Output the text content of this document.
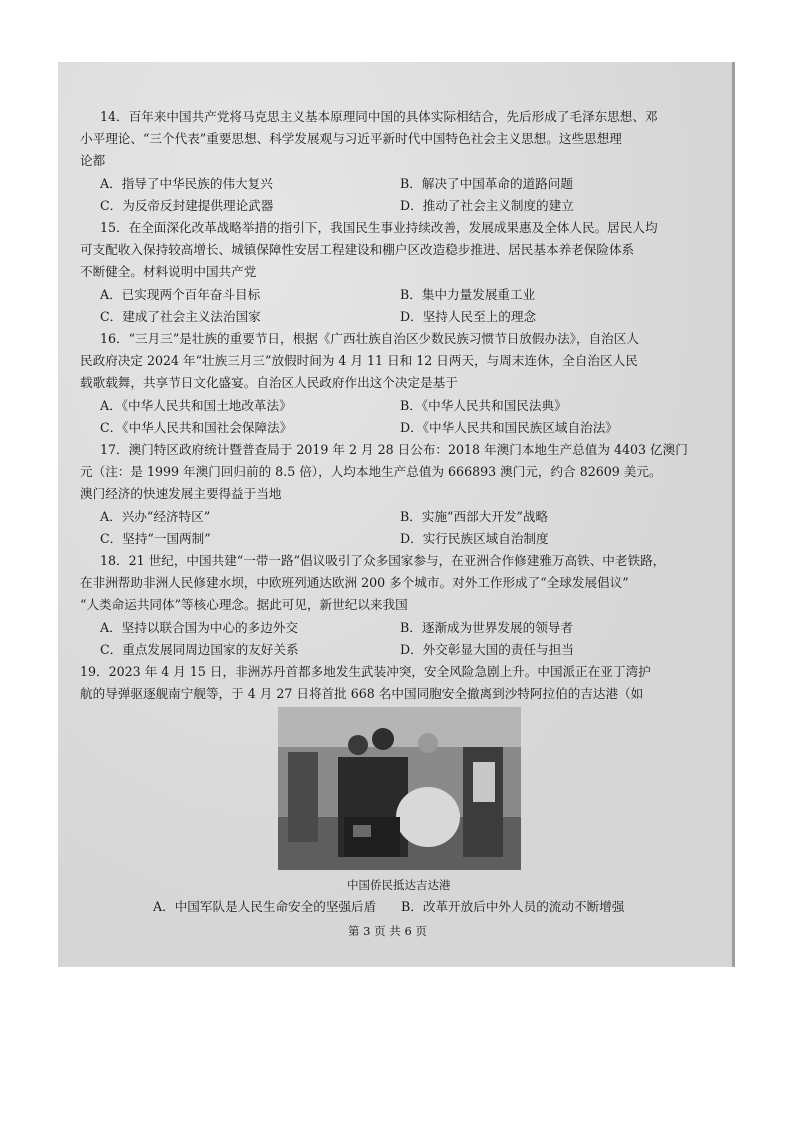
14．百年来中国共产党将马克思主义基本原理同中国的具体实际相结合，先后形成了毛泽东思想、邓
小平理论、“三个代表”重要思想、科学发展观与习近平新时代中国特色社会主义思想。这些思想理
论都
A．指导了中华民族的伟大复兴	B．解决了中国革命的道路问题
C．为反帝反封建提供理论武器	D．推动了社会主义制度的建立
15．在全面深化改革战略举措的指引下，我国民生事业持续改善，发展成果惠及全体人民。居民人均
可支配收入保持较高增长、城镇保障性安居工程建设和棚户区改造稳步推进、居民基本养老保险体系
不断健全。材料说明中国共产党
A．已实现两个百年奋斗目标	B．集中力量发展重工业
C．建成了社会主义法治国家	D．坚持人民至上的理念
16．“三月三”是壮族的重要节日，根据《广西壮族自治区少数民族习惯节日放假办法》，自治区人
民政府决定 2024 年“壮族三月三”放假时间为 4 月 11 日和 12 日两天，与周末连休，全自治区人民
载歌载舞，共享节日文化盛宴。自治区人民政府作出这个决定是基于
A．《中华人民共和国土地改革法》	B．《中华人民共和国民法典》
C．《中华人民共和国社会保障法》	D．《中华人民共和国民族区域自治法》
17．澳门特区政府统计暨普查局于 2019 年 2 月 28 日公布：2018 年澳门本地生产总值为 4403 亿澳门
元（注：是 1999 年澳门回归前的 8.5 倍），人均本地生产总值为 666893 澳门元，约合 82609 美元。
澳门经济的快速发展主要得益于当地
A．兴办“经济特区”	B．实施“西部大开发”战略
C．坚持“一国两制”	D．实行民族区域自治制度
18．21 世纪，中国共建“一带一路”倡议吸引了众多国家参与，在亚洲合作修建雅万高铁、中老铁路，
在非洲帮助非洲人民修建水坝，中欧班列通达欧洲 200 多个城市。对外工作形成了“全球发展倡议”
“人类命运共同体”等核心理念。据此可见，新世纪以来我国
A．坚持以联合国为中心的多边外交	B．逐渐成为世界发展的领导者
C．重点发展同周边国家的友好关系	D．外交彰显大国的责任与担当
19．2023 年 4 月 15 日，非洲苏丹首都多地发生武装冲突，安全风险急剧上升。中国派正在亚丁湾护
航的导弹驱逐舰南宁舰等，于 4 月 27 日将首批 668 名中国同胞安全撤离到沙特阿拉伯的吉达港（如
中国侨民抵达吉达港
A．中国军队是人民生命安全的坚强后盾 B．改革开放后中外人员的流动不断增强
第 3 页 共 6 页
